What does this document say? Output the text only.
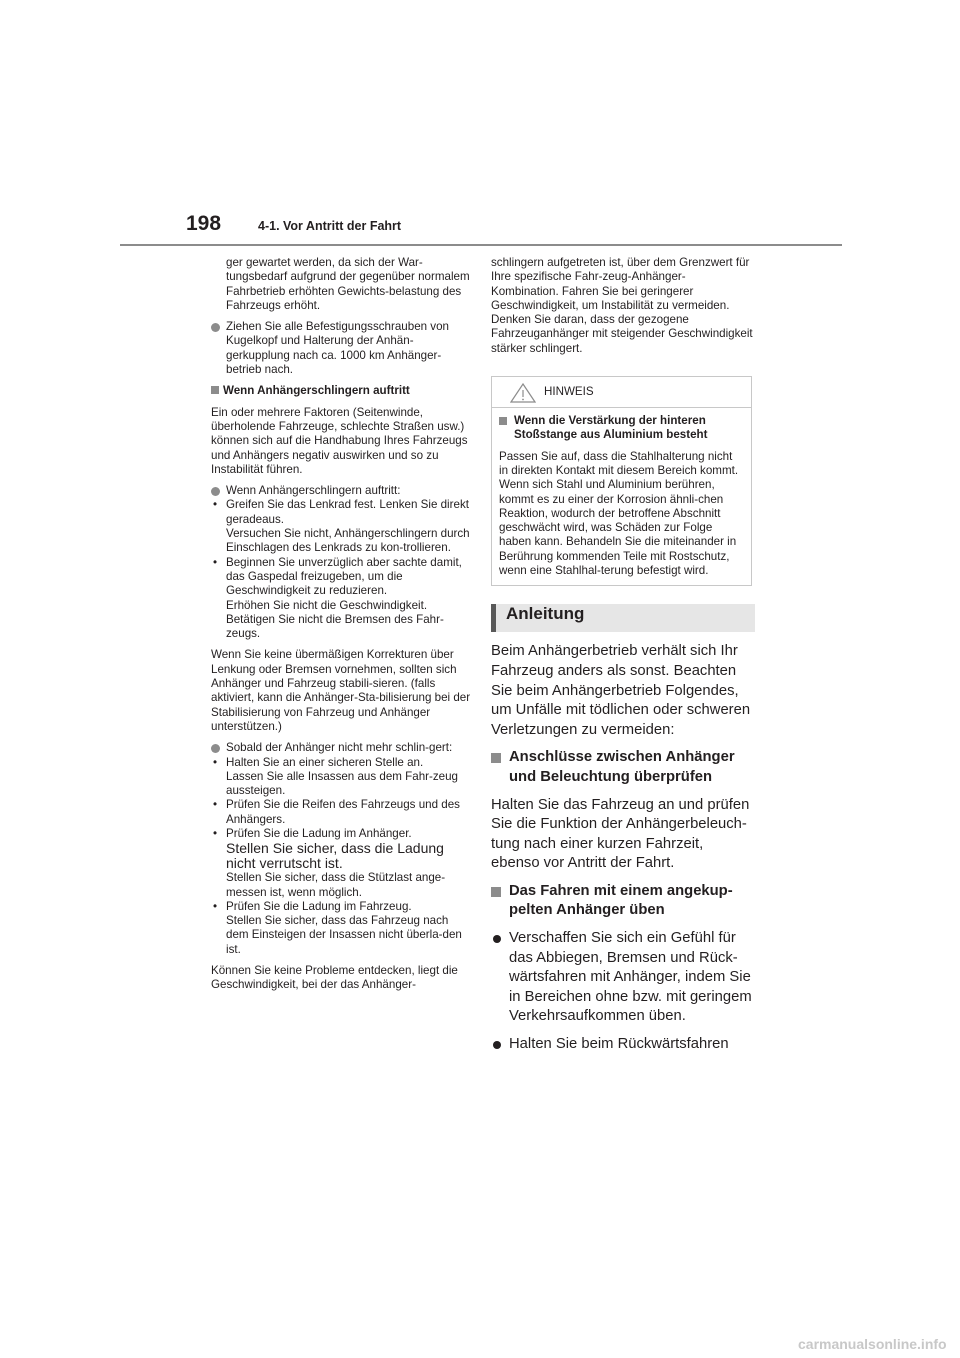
198	4-1. Vor Antritt der Fahrt
ger gewartet werden, da sich der War-tungsbedarf aufgrund der gegenüber normalem Fahrbetrieb erhöhten Gewichts-belastung des Fahrzeugs erhöht.
Ziehen Sie alle Befestigungsschrauben von Kugelkopf und Halterung der Anhän-gerkupplung nach ca. 1000 km Anhänger-betrieb nach.
Wenn Anhängerschlingern auftritt
Ein oder mehrere Faktoren (Seitenwinde, überholende Fahrzeuge, schlechte Straßen usw.) können sich auf die Handhabung Ihres Fahrzeugs und Anhängers negativ auswirken und so zu Instabilität führen.
Wenn Anhängerschlingern auftritt:
• Greifen Sie das Lenkrad fest. Lenken Sie direkt geradeaus.
Versuchen Sie nicht, Anhängerschlingern durch Einschlagen des Lenkrads zu kon-trollieren.
• Beginnen Sie unverzüglich aber sachte damit, das Gaspedal freizugeben, um die Geschwindigkeit zu reduzieren.
Erhöhen Sie nicht die Geschwindigkeit. Betätigen Sie nicht die Bremsen des Fahr-zeugs.
Wenn Sie keine übermäßigen Korrekturen über Lenkung oder Bremsen vornehmen, sollten sich Anhänger und Fahrzeug stabili-sieren. (falls aktiviert, kann die Anhänger-Sta-bilisierung bei der Stabilisierung von Fahrzeug und Anhänger unterstützen.)
Sobald der Anhänger nicht mehr schlin-gert:
• Halten Sie an einer sicheren Stelle an.
Lassen Sie alle Insassen aus dem Fahr-zeug aussteigen.
• Prüfen Sie die Reifen des Fahrzeugs und des Anhängers.
• Prüfen Sie die Ladung im Anhänger.
Stellen Sie sicher, dass die Ladung nicht verrutscht ist.
Stellen Sie sicher, dass die Stützlast ange-messen ist, wenn möglich.
• Prüfen Sie die Ladung im Fahrzeug.
Stellen Sie sicher, dass das Fahrzeug nach dem Einsteigen der Insassen nicht überla-den ist.
Können Sie keine Probleme entdecken, liegt die Geschwindigkeit, bei der das Anhänger-
schlingern aufgetreten ist, über dem Grenzwert für Ihre spezifische Fahr-zeug-Anhänger-Kombination. Fahren Sie bei geringerer Geschwindigkeit, um Instabilität zu vermeiden. Denken Sie daran, dass der gezogene Fahrzeuganhänger mit steigender Geschwindigkeit stärker schlingert.
HINWEIS
Wenn die Verstärkung der hinteren Stoßstange aus Aluminium besteht
Passen Sie auf, dass die Stahlhalterung nicht in direkten Kontakt mit diesem Bereich kommt.
Wenn sich Stahl und Aluminium berühren, kommt es zu einer der Korrosion ähnli-chen Reaktion, wodurch der betroffene Abschnitt geschwächt wird, was Schäden zur Folge haben kann. Behandeln Sie die miteinander in Berührung kommenden Teile mit Rostschutz, wenn eine Stahlhal-terung befestigt wird.
Anleitung
Beim Anhängerbetrieb verhält sich Ihr Fahrzeug anders als sonst. Beachten Sie beim Anhängerbetrieb Folgendes, um Unfälle mit tödlichen oder schweren Verletzungen zu vermeiden:
Anschlüsse zwischen Anhänger und Beleuchtung überprüfen
Halten Sie das Fahrzeug an und prüfen Sie die Funktion der Anhängerbeleuch-tung nach einer kurzen Fahrzeit, ebenso vor Antritt der Fahrt.
Das Fahren mit einem angekup-pelten Anhänger üben
Verschaffen Sie sich ein Gefühl für das Abbiegen, Bremsen und Rück-wärtsfahren mit Anhänger, indem Sie in Bereichen ohne bzw. mit geringem Verkehrsaufkommen üben.
Halten Sie beim Rückwärtsfahren
carmanualsonline.info
